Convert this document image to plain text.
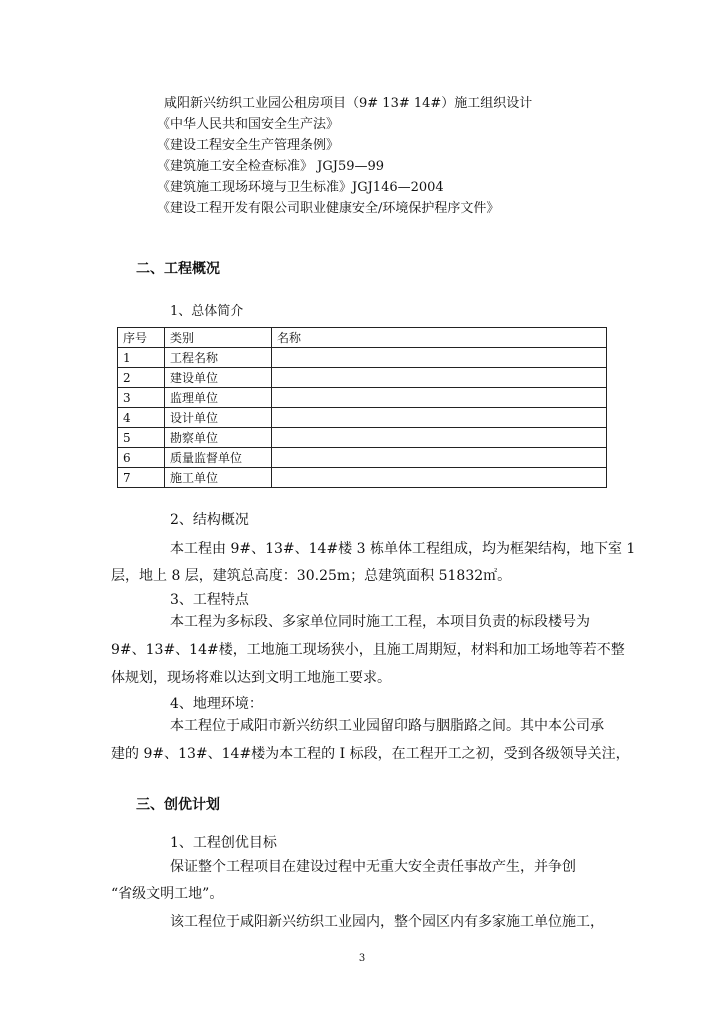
咸阳新兴纺织工业园公租房项目（9# 13# 14#）施工组织设计
《中华人民共和国安全生产法》
《建设工程安全生产管理条例》
《建筑施工安全检查标准》 JGJ59—99
《建筑施工现场环境与卫生标准》JGJ146—2004
《建设工程开发有限公司职业健康安全/环境保护程序文件》
二、工程概况
1、总体简介
序号	类别	名称
1	工程名称	
2	建设单位	
3	监理单位	
4	设计单位	
5	勘察单位	
6	质量监督单位	
7	施工单位	
2、结构概况
本工程由 9#、13#、14#楼 3 栋单体工程组成，均为框架结构，地下室 1
层，地上 8 层，建筑总高度：30.25m；总建筑面积 51832㎡。
3、工程特点
本工程为多标段、多家单位同时施工工程，本项目负责的标段楼号为
9#、13#、14#楼，工地施工现场狭小，且施工周期短，材料和加工场地等若不整
体规划，现场将难以达到文明工地施工要求。
4、地理环境：
本工程位于咸阳市新兴纺织工业园留印路与胭脂路之间。其中本公司承
建的 9#、13#、14#楼为本工程的 I 标段，在工程开工之初，受到各级领导关注，
三、创优计划
1、工程创优目标
保证整个工程项目在建设过程中无重大安全责任事故产生，并争创
“省级文明工地”。
该工程位于咸阳新兴纺织工业园内，整个园区内有多家施工单位施工，
3
